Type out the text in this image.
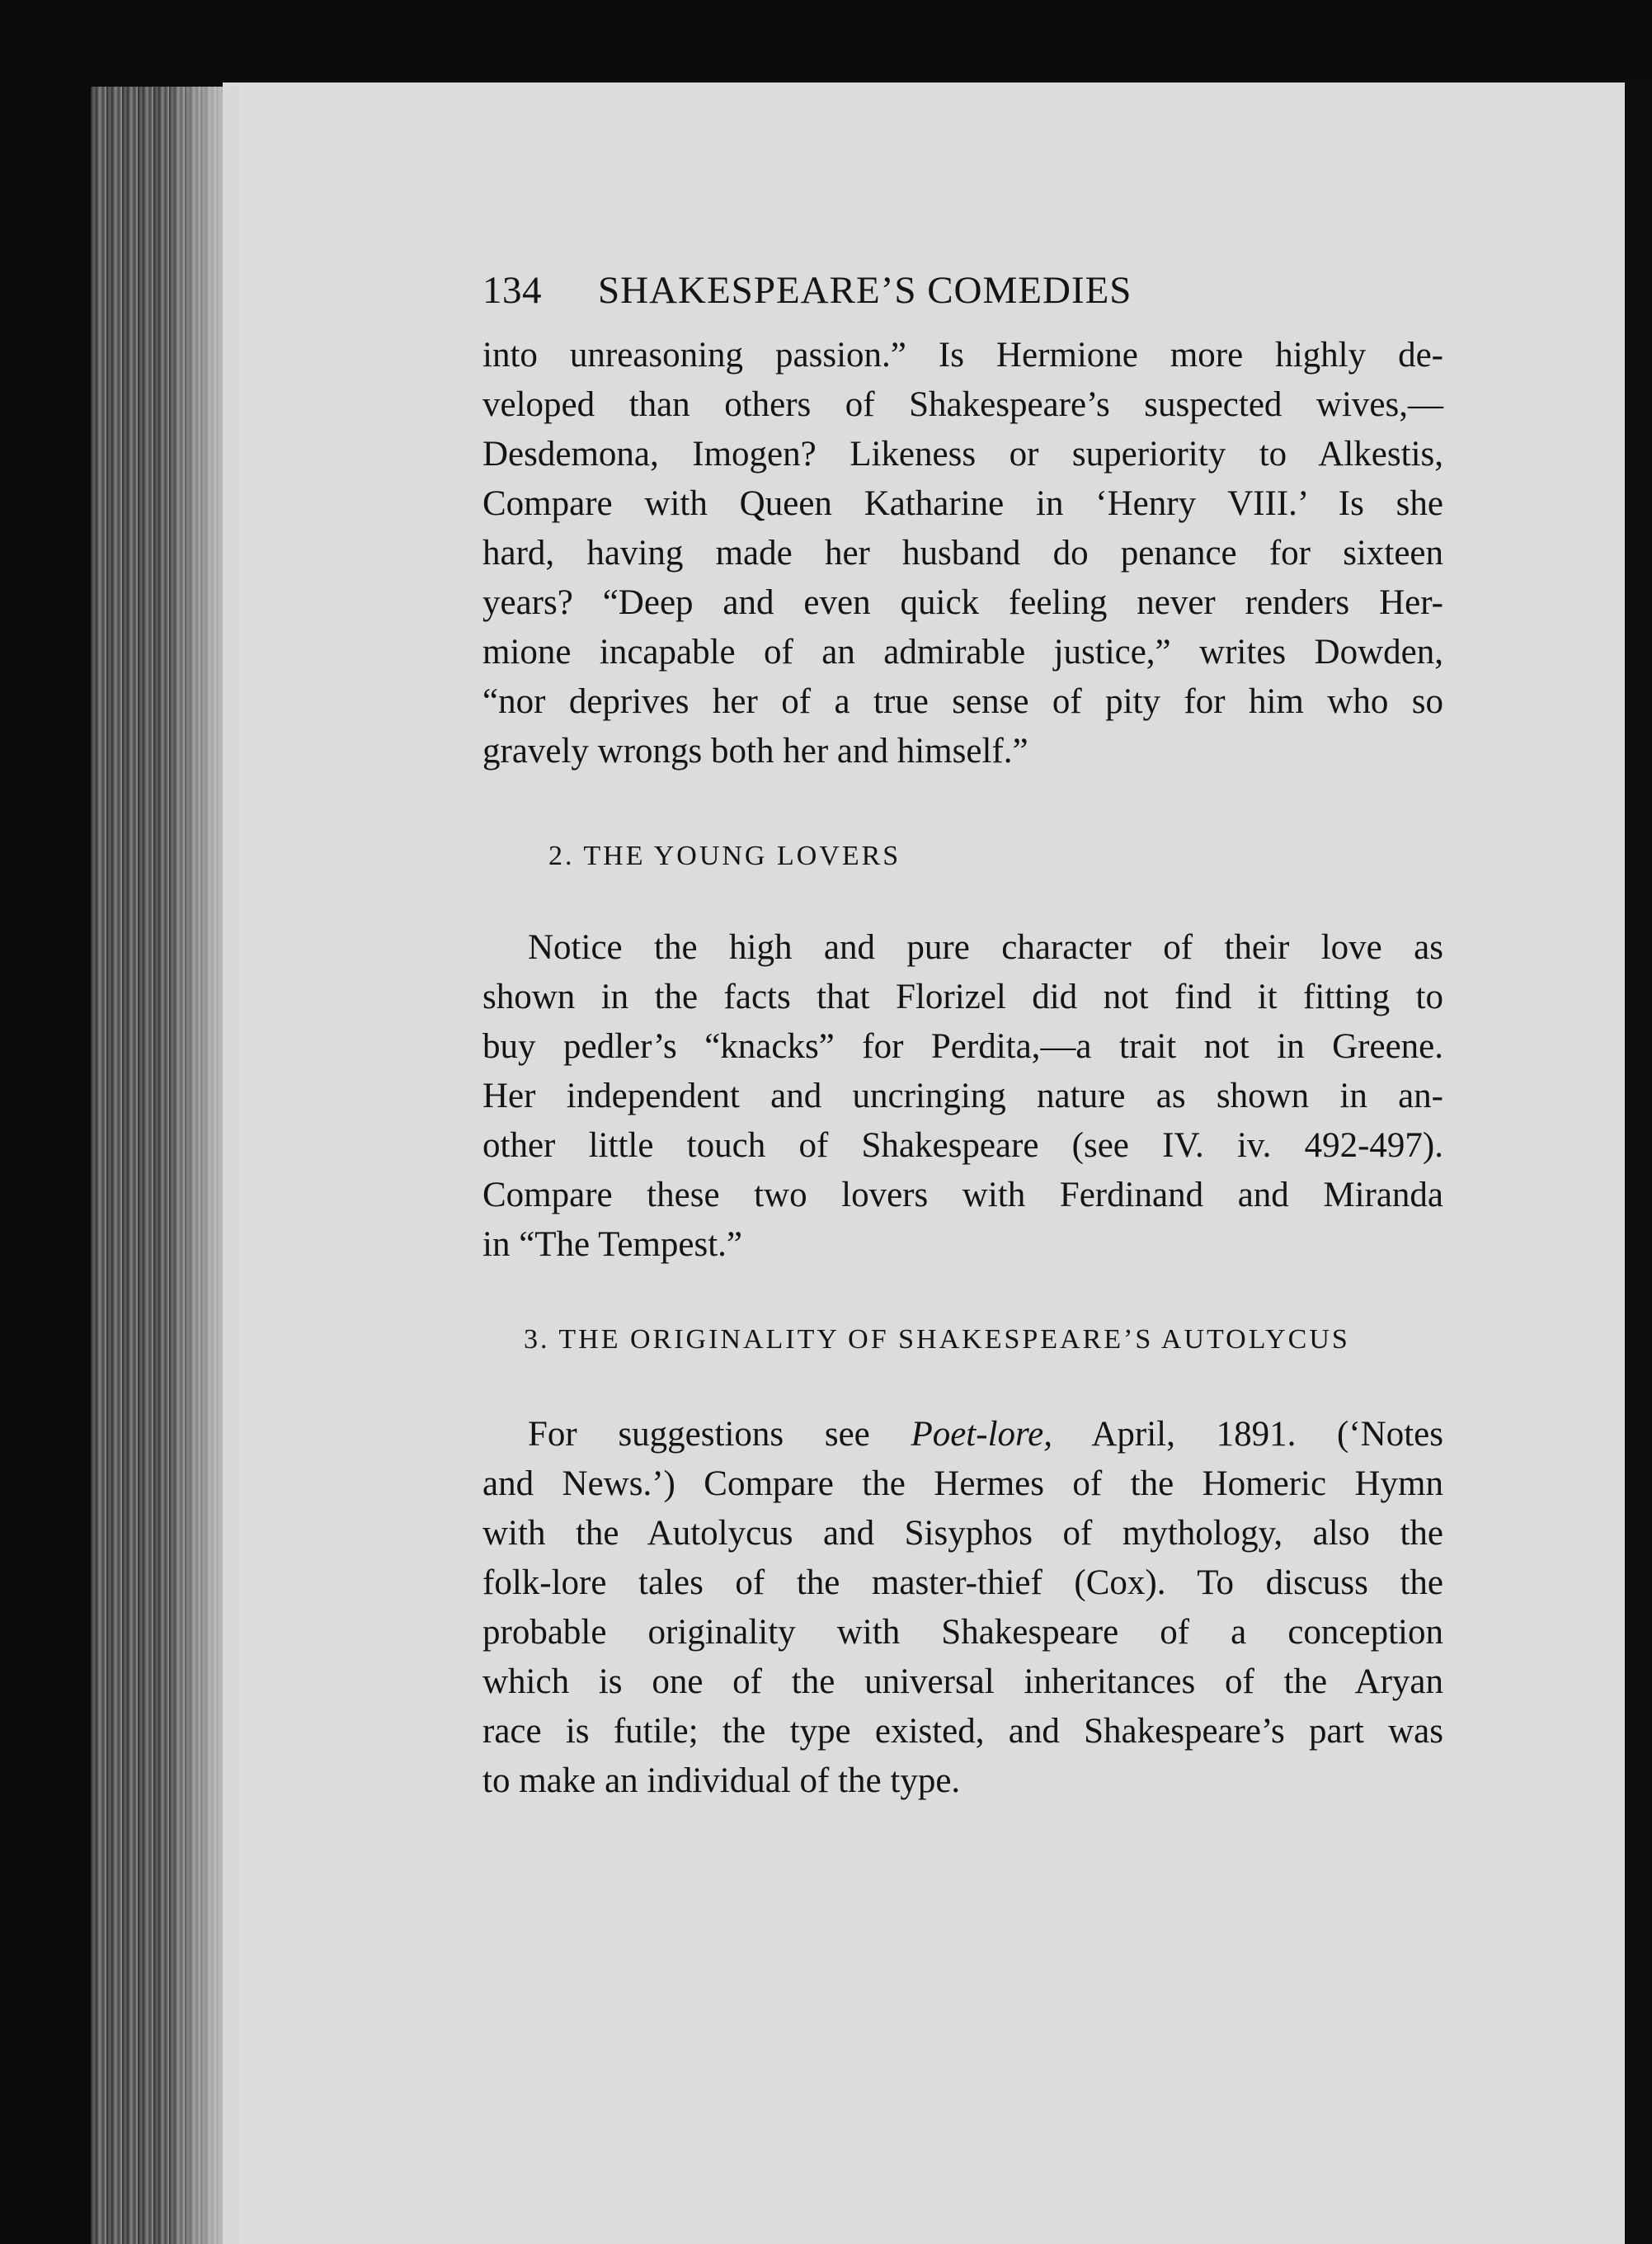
134	SHAKESPEARE’S COMEDIES

into unreasoning passion.” Is Hermione more highly de-
veloped than others of Shakespeare’s suspected wives,—
Desdemona, Imogen? Likeness or superiority to Alkestis,
Compare with Queen Katharine in ‘Henry VIII.’ Is she
hard, having made her husband do penance for sixteen
years? “Deep and even quick feeling never renders Her-
mione incapable of an admirable justice,” writes Dowden,
“nor deprives her of a true sense of pity for him who so
gravely wrongs both her and himself.”

2. THE YOUNG LOVERS

Notice the high and pure character of their love as
shown in the facts that Florizel did not find it fitting to
buy pedler’s “knacks” for Perdita,—a trait not in Greene.
Her independent and uncringing nature as shown in an-
other little touch of Shakespeare (see IV. iv. 492-497).
Compare these two lovers with Ferdinand and Miranda
in “The Tempest.”

3. THE ORIGINALITY OF SHAKESPEARE’S AUTOLYCUS

For suggestions see Poet-lore, April, 1891. (‘Notes
and News.’) Compare the Hermes of the Homeric Hymn
with the Autolycus and Sisyphos of mythology, also the
folk-lore tales of the master-thief (Cox). To discuss the
probable originality with Shakespeare of a conception
which is one of the universal inheritances of the Aryan
race is futile; the type existed, and Shakespeare’s part was
to make an individual of the type.
